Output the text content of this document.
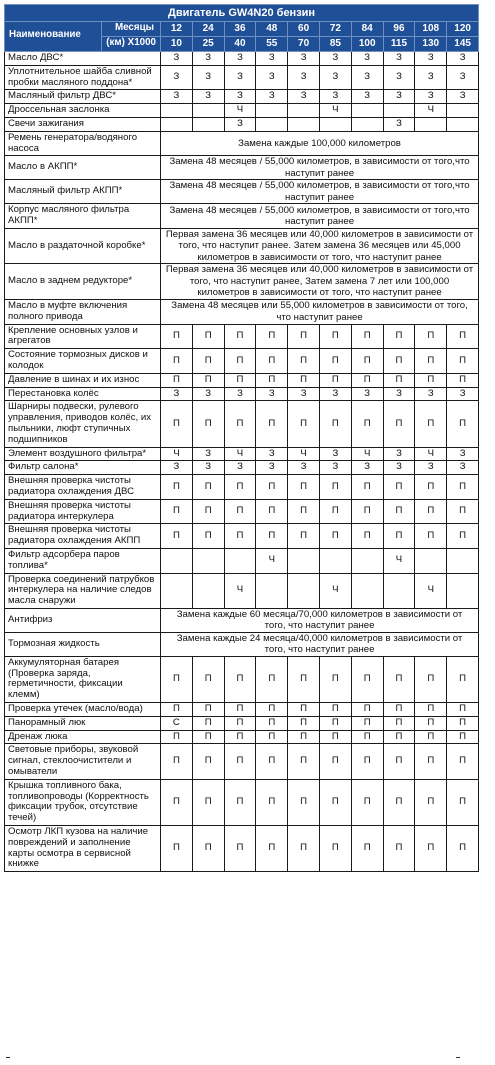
Двигатель GW4N20 бензин										

Наименование
Месяцы
(км) Х1000	12	24	36	48	60	72	84	96	108	120
	10	25	40	55	70	85	100	115	130	145
Масло ДВС*	З	З	З	З	З	З	З	З	З	З
Уплотнительное шайба сливной пробки масляного поддона*	З	З	З	З	З	З	З	З	З	З
Масляный фильтр ДВС*	З	З	З	З	З	З	З	З	З	З
Дроссельная заслонка			Ч			Ч			Ч	
Свечи зажигания			З					З		
Ремень генератора/водяного насоса	Замена каждые 100,000 километров									
Масло в АКПП*	Замена 48 месяцев / 55,000 километров, в зависимости от того,что наступит ранее									
Масляный фильтр АКПП*	Замена 48 месяцев / 55,000 километров, в зависимости от того,что наступит ранее									
Корпус масляного фильтра АКПП*	Замена 48 месяцев / 55,000 километров, в зависимости от того,что наступит ранее									
Масло в раздаточной коробке*	Первая замена 36 месяцев или 40,000 километров в зависимости от того, что наступит ранее. Затем замена 36 месяцев или 45,000 километров в зависимости от того, что наступит ранее									
Масло в заднем редукторе*	Первая замена 36 месяцев или 40,000 километров в зависимости от того, что наступит ранее, Затем замена 7 лет или 100,000 километров в зависимости от того, что наступит ранее									
Масло в муфте включения полного привода	Замена 48 месяцев или 55,000 километров в зависимости от того, что наступит ранее									
Крепление основных узлов и агрегатов	П	П	П	П	П	П	П	П	П	П
Состояние тормозных дисков и колодок	П	П	П	П	П	П	П	П	П	П
Давление в шинах и их износ	П	П	П	П	П	П	П	П	П	П
Перестановка колёс	З	З	З	З	З	З	З	З	З	З
Шарниры подвески, рулевого управления, приводов колёс, их пыльники, люфт ступичных подшипников	П	П	П	П	П	П	П	П	П	П
Элемент воздушного фильтра*	Ч	З	Ч	З	Ч	З	Ч	З	Ч	З
Фильтр салона*	З	З	З	З	З	З	З	З	З	З
Внешняя проверка чистоты радиатора охлаждения ДВС	П	П	П	П	П	П	П	П	П	П
Внешняя проверка чистоты радиатора интеркулера	П	П	П	П	П	П	П	П	П	П
Внешняя проверка чистоты радиатора охлаждения АКПП	П	П	П	П	П	П	П	П	П	П
Фильтр адсорбера паров топлива*				Ч				Ч		
Проверка соединений патрубков интеркулера на наличие следов масла снаружи			Ч			Ч			Ч	
Антифриз	Замена каждые 60 месяца/70,000 километров в зависимости от того, что наступит ранее									
Тормозная жидкость	Замена каждые 24 месяца/40,000 километров в зависимости от того, что наступит ранее									
Аккумуляторная батарея (Проверка заряда, герметичности, фиксации клемм)	П	П	П	П	П	П	П	П	П	П
Проверка утечек (масло/вода)	П	П	П	П	П	П	П	П	П	П
Панорамный люк	С	П	П	П	П	П	П	П	П	П
Дренаж люка	П	П	П	П	П	П	П	П	П	П
Световые приборы, звуковой сигнал, стеклоочистители и омыватели	П	П	П	П	П	П	П	П	П	П
Крышка топливного бака, топливопроводы (Корректность фиксации трубок, отсутствие течей)	П	П	П	П	П	П	П	П	П	П
Осмотр ЛКП кузова на наличие повреждений и заполнение карты осмотра в сервисной книжке	П	П	П	П	П	П	П	П	П	П
